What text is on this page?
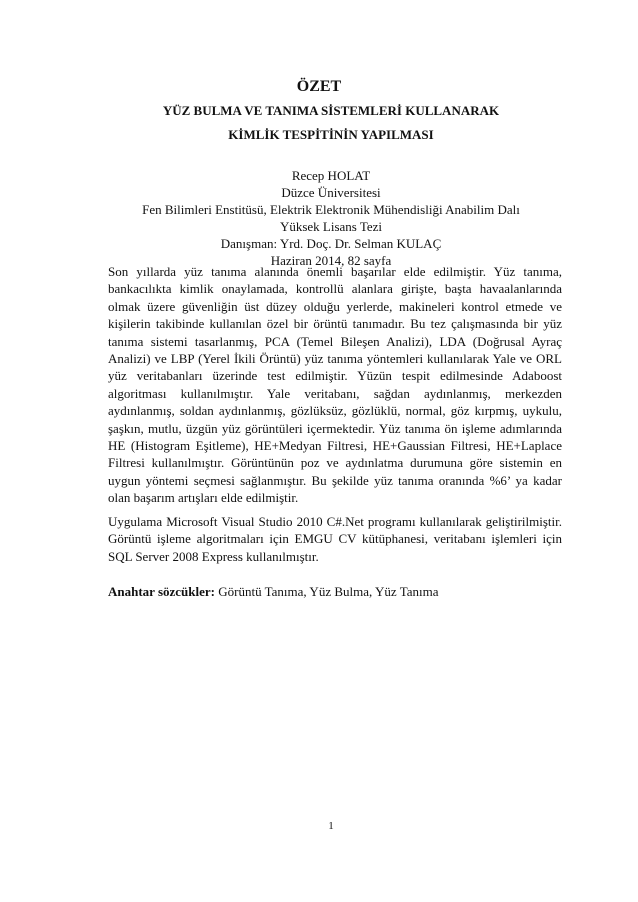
ÖZET
YÜZ BULMA VE TANIMA SİSTEMLERİ KULLANARAK
KİMLİK TESPİTİNİN YAPILMASI
Recep HOLAT
Düzce Üniversitesi
Fen Bilimleri Enstitüsü, Elektrik Elektronik Mühendisliği Anabilim Dalı
Yüksek Lisans Tezi
Danışman: Yrd. Doç. Dr. Selman KULAÇ
Haziran 2014, 82 sayfa
Son yıllarda yüz tanıma alanında önemli başarılar elde edilmiştir. Yüz tanıma, bankacılıkta kimlik onaylamada, kontrollü alanlara girişte, başta havaalanlarında olmak üzere güvenliğin üst düzey olduğu yerlerde, makineleri kontrol etmede ve kişilerin takibinde kullanılan özel bir örüntü tanımadır. Bu tez çalışmasında bir yüz tanıma sistemi tasarlanmış, PCA (Temel Bileşen Analizi), LDA (Doğrusal Ayraç Analizi) ve LBP (Yerel İkili Örüntü) yüz tanıma yöntemleri kullanılarak Yale ve ORL yüz veritabanları üzerinde test edilmiştir. Yüzün tespit edilmesinde Adaboost algoritması kullanılmıştır. Yale veritabanı, sağdan aydınlanmış, merkezden aydınlanmış, soldan aydınlanmış, gözlüksüz, gözlüklü, normal, göz kırpmış, uykulu, şaşkın, mutlu, üzgün yüz görüntüleri içermektedir. Yüz tanıma ön işleme adımlarında HE (Histogram Eşitleme), HE+Medyan Filtresi, HE+Gaussian Filtresi, HE+Laplace Filtresi kullanılmıştır. Görüntünün poz ve aydınlatma durumuna göre sistemin en uygun yöntemi seçmesi sağlanmıştır. Bu şekilde yüz tanıma oranında %6’ ya kadar olan başarım artışları elde edilmiştir.
Uygulama Microsoft Visual Studio 2010 C#.Net programı kullanılarak geliştirilmiştir. Görüntü işleme algoritmaları için EMGU CV kütüphanesi, veritabanı işlemleri için SQL Server 2008 Express kullanılmıştır.
Anahtar sözcükler: Görüntü Tanıma, Yüz Bulma, Yüz Tanıma
1
